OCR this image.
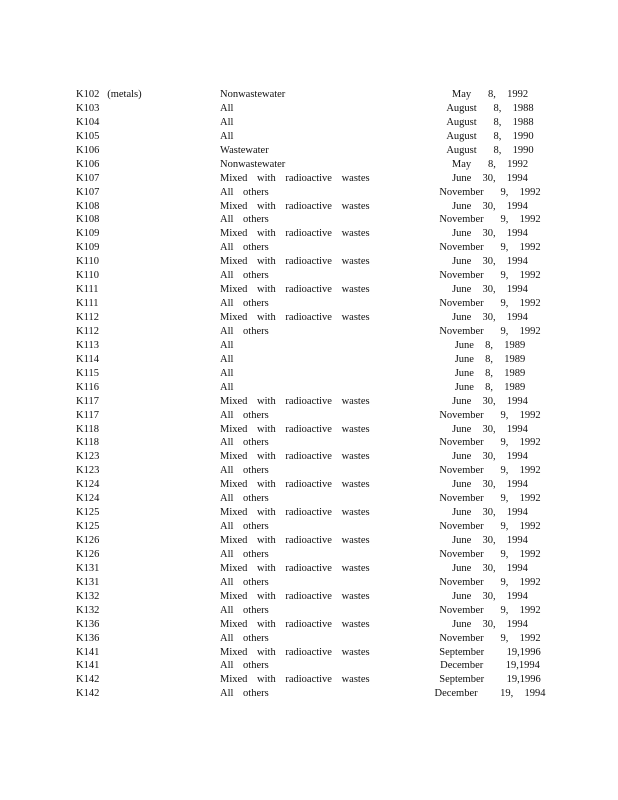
K102   (metals)	Nonwastewater	May   8,  1992
K103	All	August   8,  1988
K104	All	August   8,  1988
K105	All	August   8,  1990
K106	Wastewater	August   8,  1990
K106	Nonwastewater	May   8,  1992
K107	Mixed with radioactive wastes	June  30,  1994
K107	All others	November   9,  1992
K108	Mixed with radioactive wastes	June  30,  1994
K108	All others	November   9,  1992
K109	Mixed with radioactive wastes	June  30,  1994
K109	All others	November   9,  1992
K110	Mixed with radioactive wastes	June  30,  1994
K110	All others	November   9,  1992
K111	Mixed with radioactive wastes	June  30,  1994
K111	All others	November   9,  1992
K112	Mixed with radioactive wastes	June  30,  1994
K112	All others	November   9,  1992
K113	All	June  8,  1989
K114	All	June  8,  1989
K115	All	June  8,  1989
K116	All	June  8,  1989
K117	Mixed with radioactive wastes	June  30,  1994
K117	All others	November   9,  1992
K118	Mixed with radioactive wastes	June  30,  1994
K118	All others	November   9,  1992
K123	Mixed with radioactive wastes	June  30,  1994
K123	All others	November   9,  1992
K124	Mixed with radioactive wastes	June  30,  1994
K124	All others	November   9,  1992
K125	Mixed with radioactive wastes	June  30,  1994
K125	All others	November   9,  1992
K126	Mixed with radioactive wastes	June  30,  1994
K126	All others	November   9,  1992
K131	Mixed with radioactive wastes	June  30,  1994
K131	All others	November   9,  1992
K132	Mixed with radioactive wastes	June  30,  1994
K132	All others	November   9,  1992
K136	Mixed with radioactive wastes	June  30,  1994
K136	All others	November   9,  1992
K141	Mixed with radioactive wastes	September    19,1996
K141	All others	December    19,1994
K142	Mixed with radioactive wastes	September    19,1996
K142	All others	December    19,  1994
